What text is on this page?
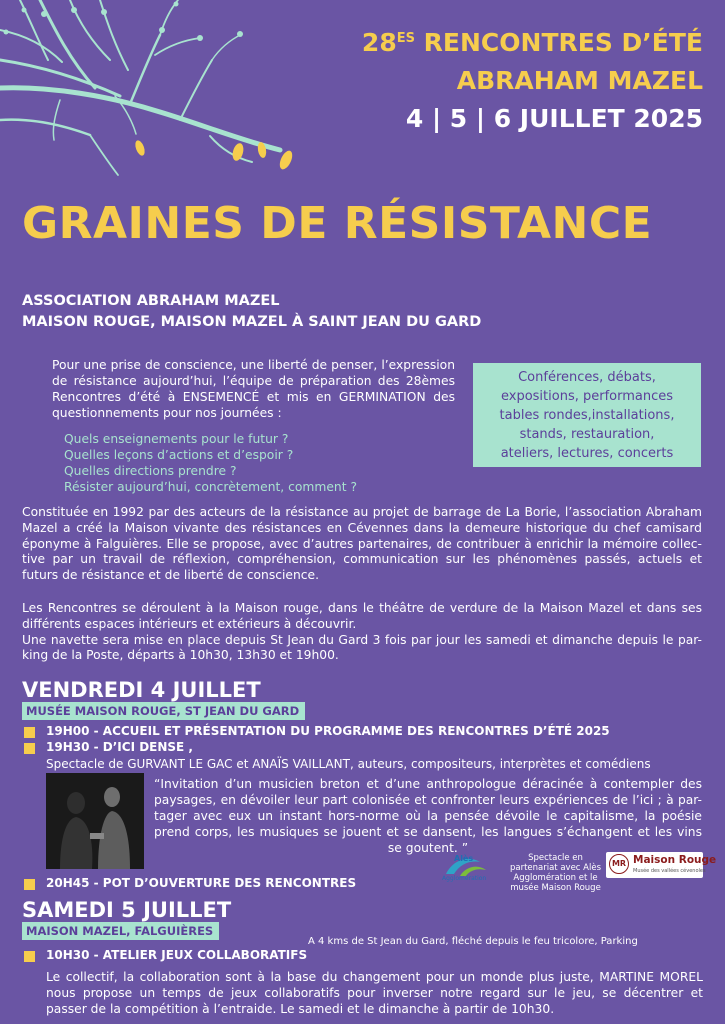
$28^{ES}$ RENCONTRES D’ÉTÉ
ABRAHAM MAZEL
4 | 5 | 6 JUILLET 2025
GRAINES DE RÉSISTANCE
ASSOCIATION ABRAHAM MAZEL
MAISON ROUGE, MAISON MAZEL À SAINT JEAN DU GARD
Pour une prise de conscience, une liberté de penser, l’expression
de résistance aujourd’hui, l’équipe de préparation des 28èmes
Rencontres d’été à ENSEMENCÉ et mis en GERMINATION des
questionnements pour nos journées :
Quels enseignements pour le futur ?
Quelles leçons d’actions et d’espoir ?
Quelles directions prendre ?
Résister aujourd’hui, concrètement, comment ?
Conférences, débats,
expositions, performances
tables rondes,installations,
stands, restauration,
ateliers, lectures, concerts
Constituée en 1992 par des acteurs de la résistance au projet de barrage de La Borie, l’association Abraham
Mazel a créé la Maison vivante des résistances en Cévennes dans la demeure historique du chef camisard
éponyme à Falguières. Elle se propose, avec d’autres partenaires, de contribuer à enrichir la mémoire collec-
tive par un travail de réflexion, compréhension, communication sur les phénomènes passés, actuels et
futurs de résistance et de liberté de conscience.
Les Rencontres se déroulent à la Maison rouge, dans le théâtre de verdure de la Maison Mazel et dans ses
différents espaces intérieurs et extérieurs à découvrir.
Une navette sera mise en place depuis St Jean du Gard 3 fois par jour les samedi et dimanche depuis le par-
king de la Poste, départs à 10h30, 13h30 et 19h00.
VENDREDI 4 JUILLET
MUSÉE MAISON ROUGE, ST JEAN DU GARD
19H00 - ACCUEIL ET PRÉSENTATION DU PROGRAMME DES RENCONTRES D’ÉTÉ 2025
19H30 - D’ICI DENSE ,
Spectacle de GURVANT LE GAC et ANAÏS VAILLANT, auteurs, compositeurs, interprètes et comédiens
“Invitation d’un musicien breton et d’une anthropologue déracinée à contempler des
paysages, en dévoiler leur part colonisée et confronter leurs expériences de l’ici ; à par-
tager avec eux un instant hors-norme où la pensée dévoile le capitalisme, la poésie
prend corps, les musiques se jouent et se dansent, les langues s’échangent et les vins
se goutent. ”
Alès
Agglomération
Spectacle en partenariat avec Alès Agglomération et le musée Maison Rouge
MR Maison Rouge
Musée des vallées cévenoles
20H45 - POT D’OUVERTURE DES RENCONTRES
SAMEDI 5 JUILLET
MAISON MAZEL, FALGUIÈRES
A 4 kms de St Jean du Gard, fléché depuis le feu tricolore, Parking
10H30 - ATELIER JEUX COLLABORATIFS
Le collectif, la collaboration sont à la base du changement pour un monde plus juste, MARTINE MOREL
nous propose un temps de jeux collaboratifs pour inverser notre regard sur le jeu, se décentrer et
passer de la compétition à l’entraide. Le samedi et le dimanche à partir de 10h30.
